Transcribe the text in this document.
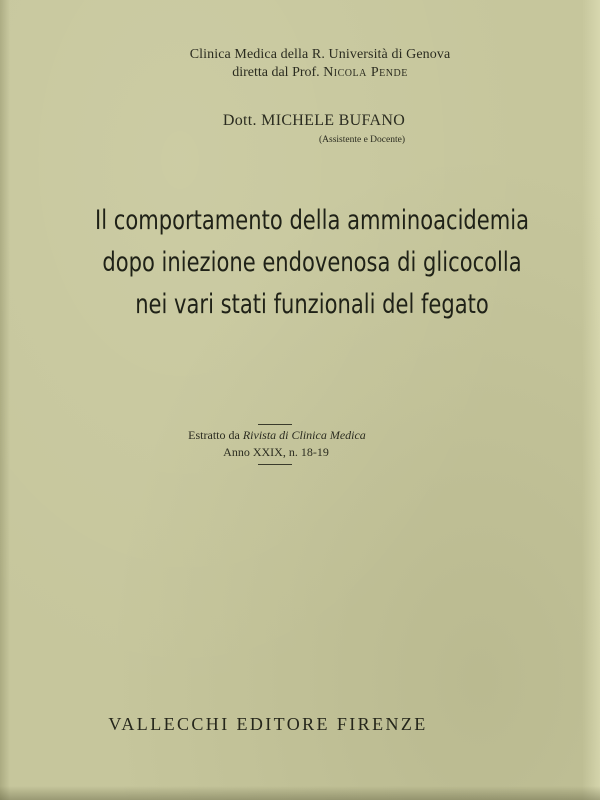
Clinica Medica della R. Università di Genova
diretta dal Prof. Nicola Pende
Dott. MICHELE BUFANO
(Assistente e Docente)
Il comportamento della amminoacidemia
dopo iniezione endovenosa di glicocolla
nei vari stati funzionali del fegato
Estratto da Rivista di Clinica Medica
Anno XXIX, n. 18-19
VALLECCHI EDITORE FIRENZE
